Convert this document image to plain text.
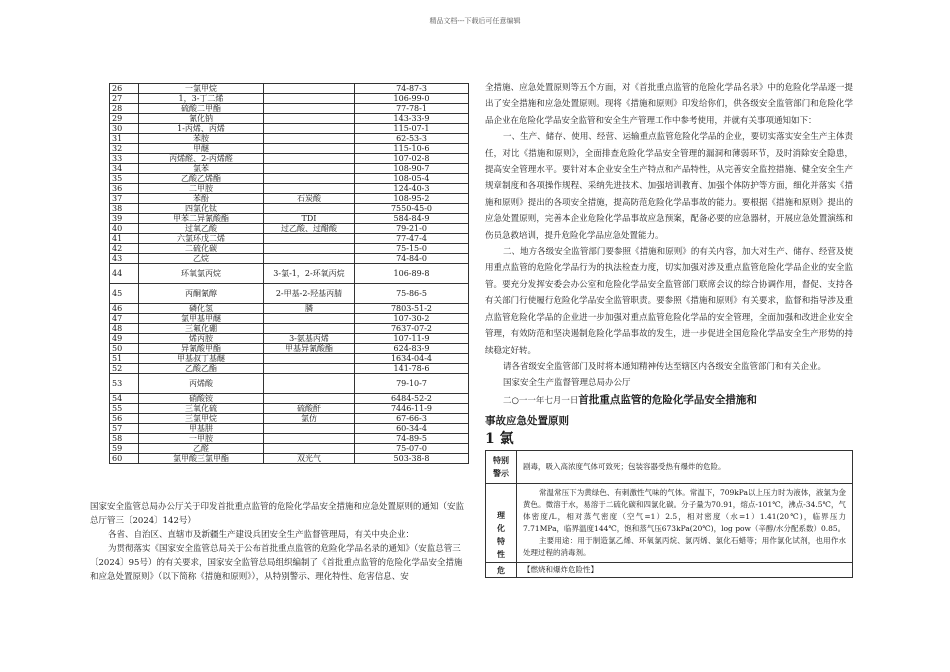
精品文档---下载后可任意编辑
26	一氯甲烷		74-87-3
27	1，3-丁二烯		106-99-0
28	硫酸二甲酯		77-78-1
29	氰化钠		143-33-9
30	1-丙烯、丙烯		115-07-1
31	苯胺		62-53-3
32	甲醚		115-10-6
33	丙烯醛、2-丙烯醛		107-02-8
34	氯苯		108-90-7
35	乙酸乙烯酯		108-05-4
36	二甲胺		124-40-3
37	苯酚	石炭酸	108-95-2
38	四氯化钛		7550-45-0
39	甲苯二异氰酸酯	TDI	584-84-9
40	过氧乙酸	过乙酸、过醋酸	79-21-0
41	六氯环戊二烯		77-47-4
42	二硫化碳		75-15-0
43	乙烷		74-84-0
44	环氧氯丙烷	3-氯-1，2-环氧丙烷	106-89-8
45	丙酮氰醇	2-甲基-2-羟基丙腈	75-86-5
46	磷化氢	膦	7803-51-2
47	氯甲基甲醚		107-30-2
48	三氟化硼		7637-07-2
49	烯丙胺	3-氨基丙烯	107-11-9
50	异氰酸甲酯	甲基异氰酸酯	624-83-9
51	甲基叔丁基醚		1634-04-4
52	乙酸乙酯		141-78-6
53	丙烯酸		79-10-7
54	硝酸铵		6484-52-2
55	三氧化硫	硫酸酐	7446-11-9
56	三氯甲烷	氯仿	67-66-3
57	甲基肼		60-34-4
58	一甲胺		74-89-5
59	乙醛		75-07-0
60	氯甲酸三氯甲酯	双光气	503-38-8

国家安全监管总局办公厅关于印发首批重点监管的危险化学品安全措施和应急处置原则的通知（安监总厅管三〔2024〕142号）

各省、自治区、直辖市及新疆生产建设兵团安全生产监督管理局，有关中央企业：

为贯彻落实《国家安全监管总局关于公布首批重点监管的危险化学品名录的通知》（安监总管三〔2024〕95号）的有关要求，国家安全监管总局组织编制了《首批重点监管的危险化学品安全措施和应急处置原则》（以下简称《措施和原则》），从特别警示、理化特性、危害信息、安

全措施、应急处置原则等五个方面，对《首批重点监管的危险化学品名录》中的危险化学品逐一提出了安全措施和应急处置原则。现将《措施和原则》印发给你们，供各级安全监管部门和危险化学品企业在危险化学品安全监管和安全生产管理工作中参考使用，并就有关事项通知如下：

一、生产、储存、使用、经营、运输重点监管危险化学品的企业，要切实落实安全生产主体责任，对比《措施和原则》，全面排查危险化学品安全管理的漏洞和薄弱环节，及时消除安全隐患，提高安全管理水平。要针对本企业安全生产特点和产品特性，从完善安全监控措施、健全安全生产规章制度和各项操作规程、采纳先进技术、加强培训教育、加强个体防护等方面，细化并落实《措施和原则》提出的各项安全措施，提高防范危险化学品事故的能力。要根据《措施和原则》提出的应急处置原则，完善本企业危险化学品事故应急预案，配备必要的应急器材，开展应急处置演练和伤员急救培训，提升危险化学品应急处置能力。

二、地方各级安全监管部门要参照《措施和原则》的有关内容，加大对生产、储存、经营及使用重点监管的危险化学品行为的执法检查力度，切实加强对涉及重点监管危险化学品企业的安全监管。要充分发挥安委会办公室和危险化学品安全监管部门联席会议的综合协调作用，督促、支持各有关部门行使履行危险化学品安全监管职责。要参照《措施和原则》有关要求，监督和指导涉及重点监管危险化学品的企业进一步加强对重点监管危险化学品的安全管理，全面加强和改进企业安全管理，有效防范和坚决遏制危险化学品事故的发生，进一步促进全国危险化学品安全生产形势的持续稳定好转。

请各省级安全监管部门及时将本通知精神传达至辖区内各级安全监管部门和有关企业。

国家安全生产监督管理总局办公厅

二○一一年七月一日首批重点监管的危险化学品安全措施和

事故应急处置原则

1 氯

特别警示	剧毒，吸入高浓度气体可致死；包装容器受热有爆炸的危险。
理化特性	常温常压下为黄绿色、有刺激性气味的气体。常温下，709kPa以上压力时为液体，液氯为金黄色。微溶于水，易溶于二硫化碳和四氯化碳。分子量为70.91，熔点-101℃，沸点-34.5℃，气体密度/L，相对蒸气密度（空气=1）2.5，相对密度（水=1）1.41(20℃)，临界压力7.71MPa，临界温度144℃，饱和蒸气压673kPa(20℃)，log pow（辛醇/水分配系数）0.85。

主要用途：用于制造氯乙烯、环氧氯丙烷、氯丙烯、氯化石蜡等；用作氯化试剂，也用作水处理过程的消毒剂。

危	【燃烧和爆炸危险性】
